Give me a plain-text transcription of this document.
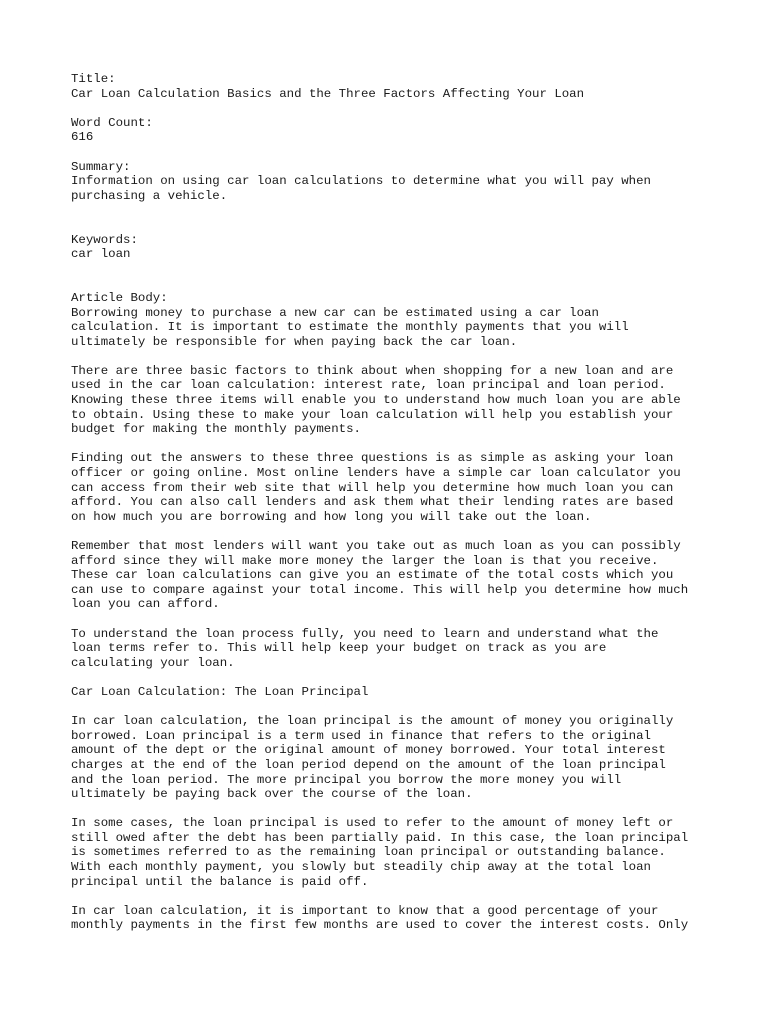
Title:
Car Loan Calculation Basics and the Three Factors Affecting Your Loan
Word Count:
616
Summary:
Information on using car loan calculations to determine what you will pay when
purchasing a vehicle.
Keywords:
car loan
Article Body:
Borrowing money to purchase a new car can be estimated using a car loan
calculation. It is important to estimate the monthly payments that you will
ultimately be responsible for when paying back the car loan.
There are three basic factors to think about when shopping for a new loan and are
used in the car loan calculation: interest rate, loan principal and loan period.
Knowing these three items will enable you to understand how much loan you are able
to obtain. Using these to make your loan calculation will help you establish your
budget for making the monthly payments.
Finding out the answers to these three questions is as simple as asking your loan
officer or going online. Most online lenders have a simple car loan calculator you
can access from their web site that will help you determine how much loan you can
afford. You can also call lenders and ask them what their lending rates are based
on how much you are borrowing and how long you will take out the loan.
Remember that most lenders will want you take out as much loan as you can possibly
afford since they will make more money the larger the loan is that you receive.
These car loan calculations can give you an estimate of the total costs which you
can use to compare against your total income. This will help you determine how much
loan you can afford.
To understand the loan process fully, you need to learn and understand what the
loan terms refer to. This will help keep your budget on track as you are
calculating your loan.
Car Loan Calculation: The Loan Principal
In car loan calculation, the loan principal is the amount of money you originally
borrowed. Loan principal is a term used in finance that refers to the original
amount of the dept or the original amount of money borrowed. Your total interest
charges at the end of the loan period depend on the amount of the loan principal
and the loan period. The more principal you borrow the more money you will
ultimately be paying back over the course of the loan.
In some cases, the loan principal is used to refer to the amount of money left or
still owed after the debt has been partially paid. In this case, the loan principal
is sometimes referred to as the remaining loan principal or outstanding balance.
With each monthly payment, you slowly but steadily chip away at the total loan
principal until the balance is paid off.
In car loan calculation, it is important to know that a good percentage of your
monthly payments in the first few months are used to cover the interest costs. Only
